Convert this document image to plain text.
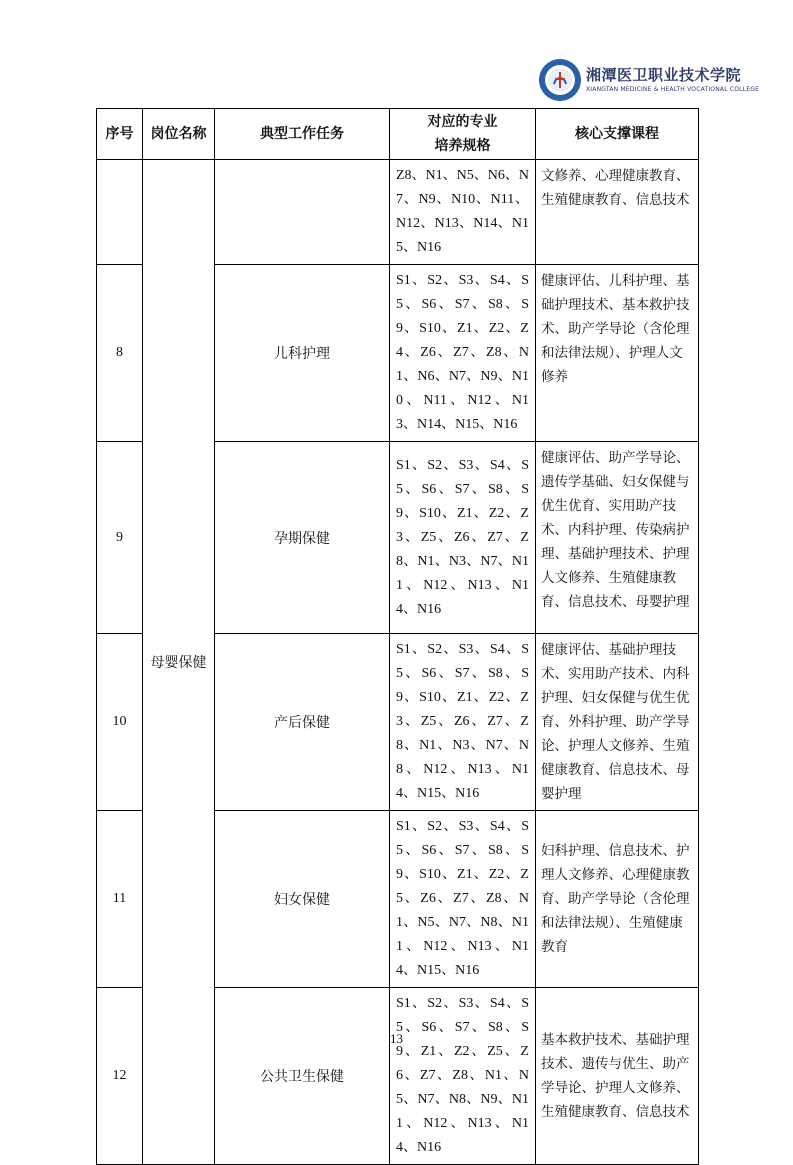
湘潭医卫职业技术学院
XIANGTAN MEDICINE & HEALTH VOCATIONAL COLLEGE
序号	岗位名称	典型工作任务	对应的专业
培养规格	核心支撑课程
	母婴保健		Z8、N1、N5、N6、N7、N9、N10、N11、N12、N13、N14、N15、N16	文修养、心理健康教育、生殖健康教育、信息技术
8		儿科护理	S1、S2、S3、S4、S5、S6、S7、S8、S9、S10、Z1、Z2、Z4、Z6、Z7、Z8、N1、N6、N7、N9、N10、N11、N12、N13、N14、N15、N16	健康评估、儿科护理、基础护理技术、基本救护技术、助产学导论（含伦理和法律法规）、护理人文修养
9		孕期保健	S1、S2、S3、S4、S5、S6、S7、S8、S9、S10、Z1、Z2、Z3、Z5、Z6、Z7、Z8、N1、N3、N7、N11、N12、N13、N14、N16	健康评估、助产学导论、遗传学基础、妇女保健与优生优育、实用助产技术、内科护理、传染病护理、基础护理技术、护理人文修养、生殖健康教育、信息技术、母婴护理
10		产后保健	S1、S2、S3、S4、S5、S6、S7、S8、S9、S10、Z1、Z2、Z3、Z5、Z6、Z7、Z8、N1、N3、N7、N8、N12、N13、N14、N15、N16	健康评估、基础护理技术、实用助产技术、内科护理、妇女保健与优生优育、外科护理、助产学导论、护理人文修养、生殖健康教育、信息技术、母婴护理
11		妇女保健	S1、S2、S3、S4、S5、S6、S7、S8、S9、S10、Z1、Z2、Z5、Z6、Z7、Z8、N1、N5、N7、N8、N11、N12、N13、N14、N15、N16	妇科护理、信息技术、护理人文修养、心理健康教育、助产学导论（含伦理和法律法规）、生殖健康教育
12		公共卫生保健	S1、S2、S3、S4、S5、S6、S7、S8、S9、Z1、Z2、Z5、Z6、Z7、Z8、N1、N5、N7、N8、N9、N11、N12、N13、N14、N16	基本救护技术、基础护理技术、遗传与优生、助产学导论、护理人文修养、生殖健康教育、信息技术
13
